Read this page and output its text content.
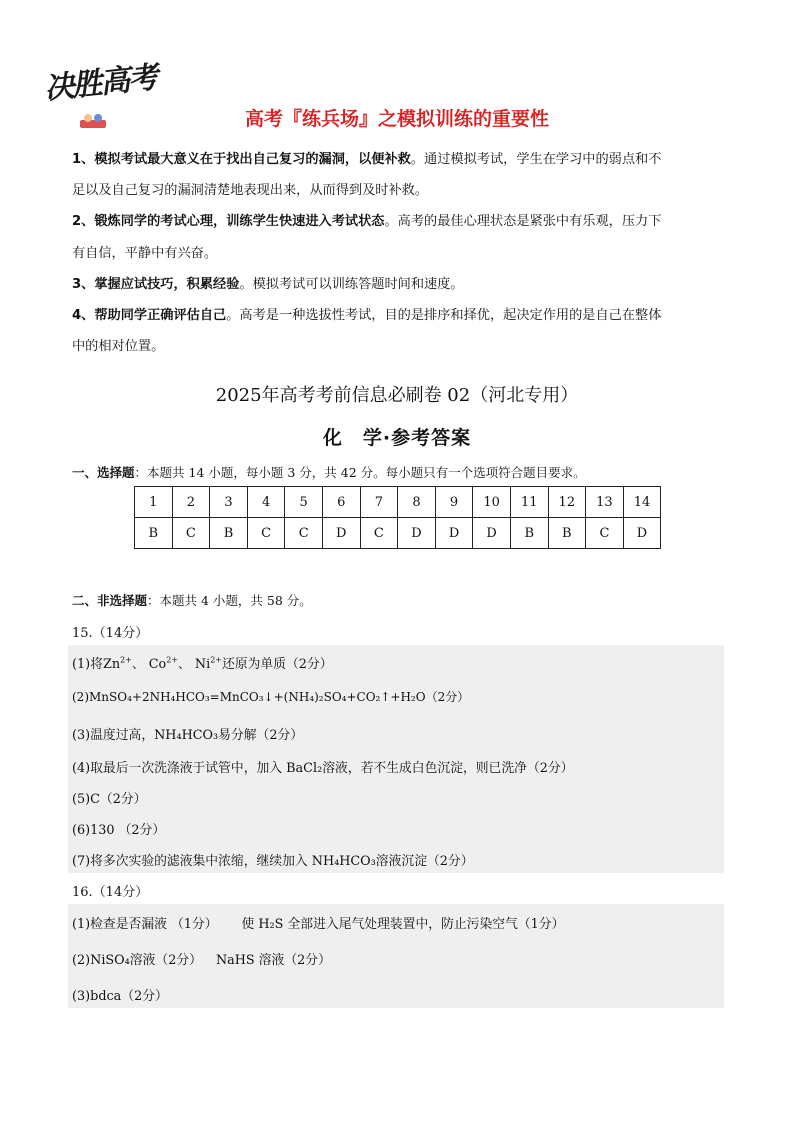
决胜高考
高考『练兵场』之模拟训练的重要性

1、模拟考试最大意义在于找出自己复习的漏洞，以便补救。通过模拟考试，学生在学习中的弱点和不

足以及自己复习的漏洞清楚地表现出来，从而得到及时补救。

2、锻炼同学的考试心理，训练学生快速进入考试状态。高考的最佳心理状态是紧张中有乐观，压力下

有自信，平静中有兴奋。

3、掌握应试技巧，积累经验。模拟考试可以训练答题时间和速度。

4、帮助同学正确评估自己。高考是一种选拔性考试，目的是排序和择优，起决定作用的是自己在整体

中的相对位置。

2025年高考考前信息必刷卷 02（河北专用）
化　学·参考答案
一、选择题：本题共 14 小题，每小题 3 分，共 42 分。每小题只有一个选项符合题目要求。
1	2	3	4	5	6	7	8	9	10	11	12	13	14
B	C	B	C	C	D	C	D	D	D	B	B	C	D
二、非选择题：本题共 4 小题，共 58 分。
15.（14分）
(1)将$Zn^{2+}$、 $Co^{2+}$、 $Ni^{2+}$还原为单质（2分）
(2)MnSO₄+2NH₄HCO₃=MnCO₃↓+(NH₄)₂SO₄+CO₂↑+H₂O（2分）
(3)温度过高，NH₄HCO₃易分解（2分）
(4)取最后一次洗涤液于试管中，加入 BaCl₂溶液，若不生成白色沉淀，则已洗净（2分）
(5)C（2分）
(6)130 （2分）
(7)将多次实验的滤液集中浓缩，继续加入 NH₄HCO₃溶液沉淀（2分）
16.（14分）
(1)检查是否漏液 （1分） 使 H₂S 全部进入尾气处理装置中，防止污染空气（1分）
(2)NiSO₄溶液（2分） NaHS 溶液（2分）
(3)bdca（2分）
